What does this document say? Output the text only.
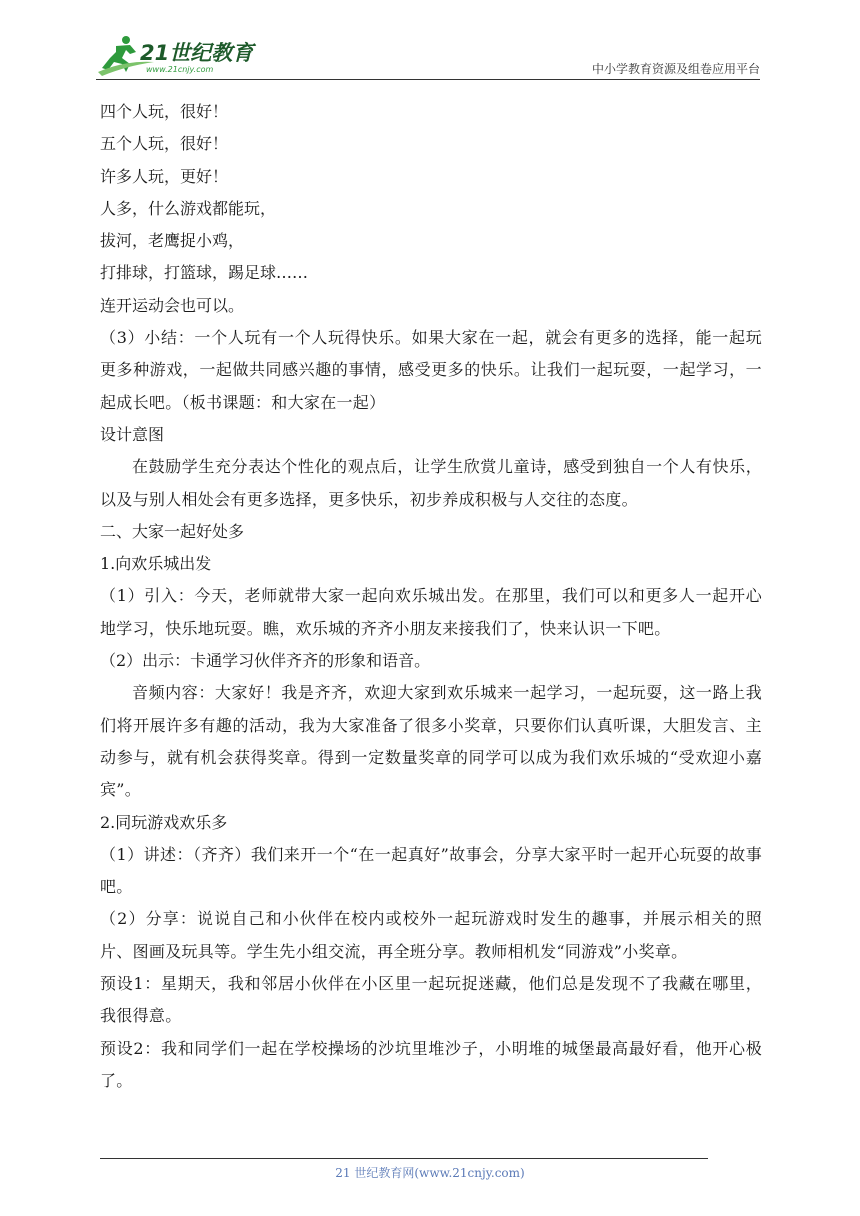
21世纪教育
www.21cnjy.com	中小学教育资源及组卷应用平台

四个人玩，很好！

五个人玩，很好！

许多人玩，更好！

人多，什么游戏都能玩，

拔河，老鹰捉小鸡，

打排球，打篮球，踢足球……

连开运动会也可以。

（3）小结：一个人玩有一个人玩得快乐。如果大家在一起，就会有更多的选择，能一起玩更多种游戏，一起做共同感兴趣的事情，感受更多的快乐。让我们一起玩耍，一起学习，一起成长吧。（板书课题：和大家在一起）

设计意图

在鼓励学生充分表达个性化的观点后，让学生欣赏儿童诗，感受到独自一个人有快乐，以及与别人相处会有更多选择，更多快乐，初步养成积极与人交往的态度。

二、大家一起好处多

1.向欢乐城出发

（1）引入：今天，老师就带大家一起向欢乐城出发。在那里，我们可以和更多人一起开心地学习，快乐地玩耍。瞧，欢乐城的齐齐小朋友来接我们了，快来认识一下吧。

（2）出示：卡通学习伙伴齐齐的形象和语音。

音频内容：大家好！我是齐齐，欢迎大家到欢乐城来一起学习，一起玩耍，这一路上我们将开展许多有趣的活动，我为大家准备了很多小奖章，只要你们认真听课，大胆发言、主动参与，就有机会获得奖章。得到一定数量奖章的同学可以成为我们欢乐城的“受欢迎小嘉宾”。

2.同玩游戏欢乐多

（1）讲述：（齐齐）我们来开一个“在一起真好”故事会，分享大家平时一起开心玩耍的故事吧。

（2）分享：说说自己和小伙伴在校内或校外一起玩游戏时发生的趣事，并展示相关的照片、图画及玩具等。学生先小组交流，再全班分享。教师相机发“同游戏”小奖章。

预设1：星期天，我和邻居小伙伴在小区里一起玩捉迷藏，他们总是发现不了我藏在哪里，我很得意。

预设2：我和同学们一起在学校操场的沙坑里堆沙子，小明堆的城堡最高最好看，他开心极了。

21 世纪教育网(www.21cnjy.com)
